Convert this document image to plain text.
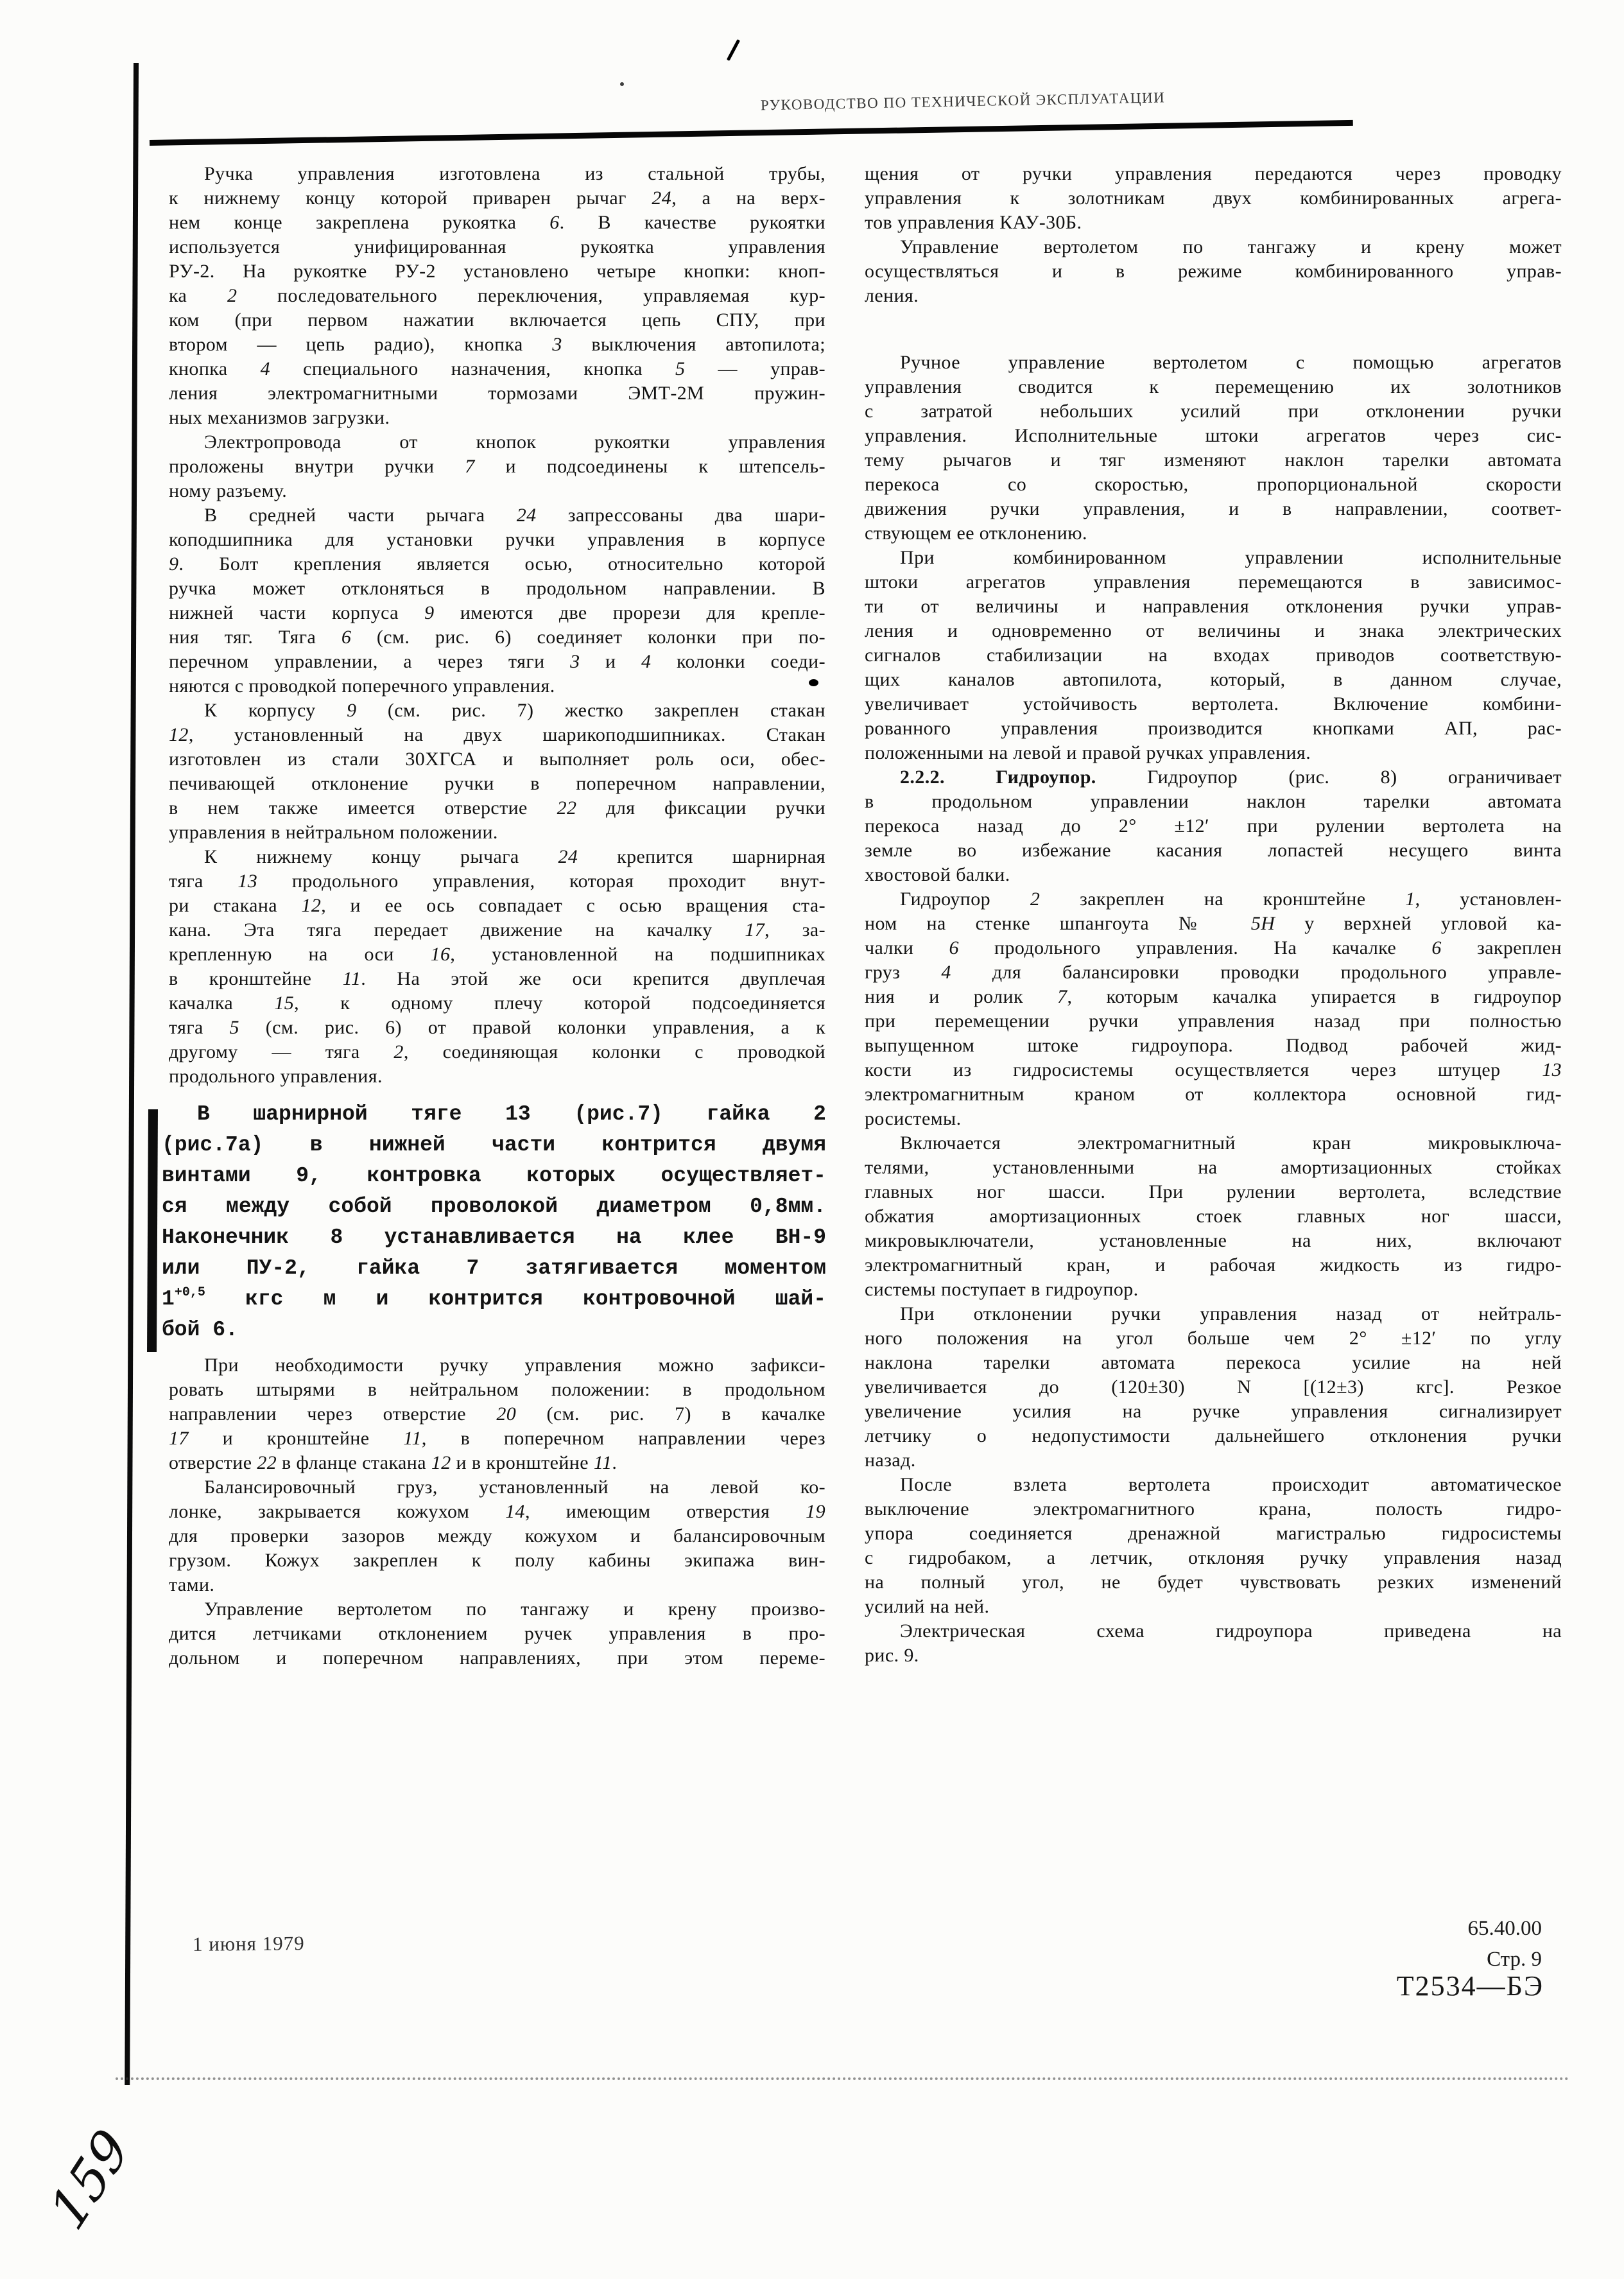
РУКОВОДСТВО ПО ТЕХНИЧЕСКОЙ ЭКСПЛУАТАЦИИ
Ручка управления изготовлена из стальной трубы,
к нижнему концу которой приварен рычаг 24, а на верх-
нем конце закреплена рукоятка 6. В качестве рукоятки
используется унифицированная рукоятка управления
РУ-2. На рукоятке РУ-2 установлено четыре кнопки: кноп-
ка 2 последовательного переключения, управляемая кур-
ком (при первом нажатии включается цепь СПУ, при
втором — цепь радио), кнопка 3 выключения автопилота;
кнопка 4 специального назначения, кнопка 5 — управ-
ления электромагнитными тормозами ЭМТ-2М пружин-
ных механизмов загрузки.
Электропровода от кнопок рукоятки управления
проложены внутри ручки 7 и подсоединены к штепсель-
ному разъему.
В средней части рычага 24 запрессованы два шари-
коподшипника для установки ручки управления в корпусе
9. Болт крепления является осью, относительно которой
ручка может отклоняться в продольном направлении. В
нижней части корпуса 9 имеются две прорези для крепле-
ния тяг. Тяга 6 (см. рис. 6) соединяет колонки при по-
перечном управлении, а через тяги 3 и 4 колонки соеди-
няются с проводкой поперечного управления.
К корпусу 9 (см. рис. 7) жестко закреплен стакан
12, установленный на двух шарикоподшипниках. Стакан
изготовлен из стали 30ХГСА и выполняет роль оси, обес-
печивающей отклонение ручки в поперечном направлении,
в нем также имеется отверстие 22 для фиксации ручки
управления в нейтральном положении.
К нижнему концу рычага 24 крепится шарнирная
тяга 13 продольного управления, которая проходит внут-
ри стакана 12, и ее ось совпадает с осью вращения ста-
кана. Эта тяга передает движение на качалку 17, за-
крепленную на оси 16, установленной на подшипниках
в кронштейне 11. На этой же оси крепится двуплечая
качалка 15, к одному плечу которой подсоединяется
тяга 5 (см. рис. 6) от правой колонки управления, а к
другому — тяга 2, соединяющая колонки с проводкой
продольного управления.
В шарнирной тяге 13 (рис.7) гайка 2
(рис.7а) в нижней части контрится двумя
винтами 9, контровка которых осуществляет-
ся между собой проволокой диаметром 0,8мм.
Наконечник 8 устанавливается на клее ВН-9
или ПУ-2, гайка 7 затягивается моментом
$1^{+0,5}$ кгс м и контрится контровочной шай-
бой 6.
При необходимости ручку управления можно зафикси-
ровать штырями в нейтральном положении: в продольном
направлении через отверстие 20 (см. рис. 7) в качалке
17 и кронштейне 11, в поперечном направлении через
отверстие 22 в фланце стакана 12 и в кронштейне 11.
Балансировочный груз, установленный на левой ко-
лонке, закрывается кожухом 14, имеющим отверстия 19
для проверки зазоров между кожухом и балансировочным
грузом. Кожух закреплен к полу кабины экипажа вин-
тами.
Управление вертолетом по тангажу и крену произво-
дится летчиками отклонением ручек управления в про-
дольном и поперечном направлениях, при этом переме-
щения от ручки управления передаются через проводку
управления к золотникам двух комбинированных агрега-
тов управления КАУ-30Б.
Управление вертолетом по тангажу и крену может
осуществляться и в режиме комбинированного управ-
ления.
Ручное управление вертолетом с помощью агрегатов
управления сводится к перемещению их золотников
с затратой небольших усилий при отклонении ручки
управления. Исполнительные штоки агрегатов через сис-
тему рычагов и тяг изменяют наклон тарелки автомата
перекоса со скоростью, пропорциональной скорости
движения ручки управления, и в направлении, соответ-
ствующем ее отклонению.
При комбинированном управлении исполнительные
штоки агрегатов управления перемещаются в зависимос-
ти от величины и направления отклонения ручки управ-
ления и одновременно от величины и знака электрических
сигналов стабилизации на входах приводов соответствую-
щих каналов автопилота, который, в данном случае,
увеличивает устойчивость вертолета. Включение комбини-
рованного управления производится кнопками АП, рас-
положенными на левой и правой ручках управления.
2.2.2. Гидроупор. Гидроупор (рис. 8) ограничивает
в продольном управлении наклон тарелки автомата
перекоса назад до 2° ±12′ при рулении вертолета на
земле во избежание касания лопастей несущего винта
хвостовой балки.
Гидроупор 2 закреплен на кронштейне 1, установлен-
ном на стенке шпангоута № 5Н у верхней угловой ка-
чалки 6 продольного управления. На качалке 6 закреплен
груз 4 для балансировки проводки продольного управле-
ния и ролик 7, которым качалка упирается в гидроупор
при перемещении ручки управления назад при полностью
выпущенном штоке гидроупора. Подвод рабочей жид-
кости из гидросистемы осуществляется через штуцер 13
электромагнитным краном от коллектора основной гид-
росистемы.
Включается электромагнитный кран микровыключа-
телями, установленными на амортизационных стойках
главных ног шасси. При рулении вертолета, вследствие
обжатия амортизационных стоек главных ног шасси,
микровыключатели, установленные на них, включают
электромагнитный кран, и рабочая жидкость из гидро-
системы поступает в гидроупор.
При отклонении ручки управления назад от нейтраль-
ного положения на угол больше чем 2° ±12′ по углу
наклона тарелки автомата перекоса усилие на ней
увеличивается до (120±30) N [(12±3) кгс]. Резкое
увеличение усилия на ручке управления сигнализирует
летчику о недопустимости дальнейшего отклонения ручки
назад.
После взлета вертолета происходит автоматическое
выключение электромагнитного крана, полость гидро-
упора соединяется дренажной магистралью гидросистемы
с гидробаком, а летчик, отклоняя ручку управления назад
на полный угол, не будет чувствовать резких изменений
усилий на ней.
Электрическая схема гидроупора приведена на
рис. 9.
1 июня 1979
65.40.00
Стр. 9
Т2534—БЭ
159
